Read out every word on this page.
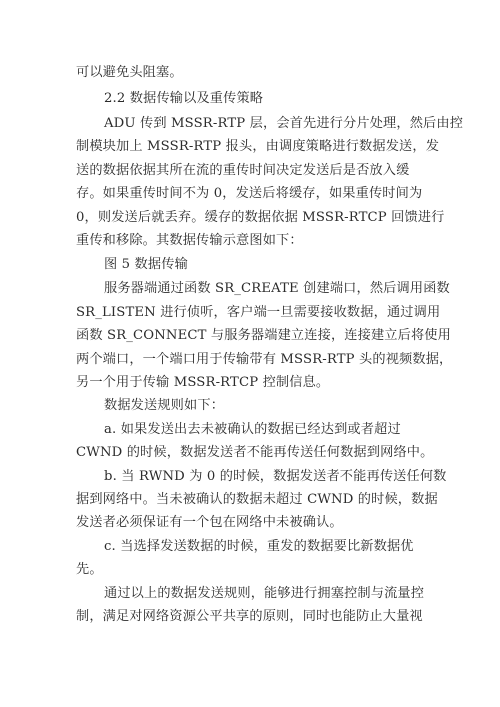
可以避免头阻塞。
2.2 数据传输以及重传策略
ADU 传到 MSSR-RTP 层，会首先进行分片处理，然后由控
制模块加上 MSSR-RTP 报头，由调度策略进行数据发送，发
送的数据依据其所在流的重传时间决定发送后是否放入缓
存。如果重传时间不为 0，发送后将缓存，如果重传时间为
0，则发送后就丢弃。缓存的数据依据 MSSR-RTCP 回馈进行
重传和移除。其数据传输示意图如下：
图 5 数据传输
服务器端通过函数 SR_CREATE 创建端口，然后调用函数
SR_LISTEN 进行侦听，客户端一旦需要接收数据，通过调用
函数 SR_CONNECT 与服务器端建立连接，连接建立后将使用
两个端口，一个端口用于传输带有 MSSR-RTP 头的视频数据，
另一个用于传输 MSSR-RTCP 控制信息。
数据发送规则如下：
a. 如果发送出去未被确认的数据已经达到或者超过
CWND 的时候，数据发送者不能再传送任何数据到网络中。
b. 当 RWND 为 0 的时候，数据发送者不能再传送任何数
据到网络中。当未被确认的数据未超过 CWND 的时候，数据
发送者必须保证有一个包在网络中未被确认。
c. 当选择发送数据的时候，重发的数据要比新数据优
先。
通过以上的数据发送规则，能够进行拥塞控制与流量控
制，满足对网络资源公平共享的原则，同时也能防止大量视
